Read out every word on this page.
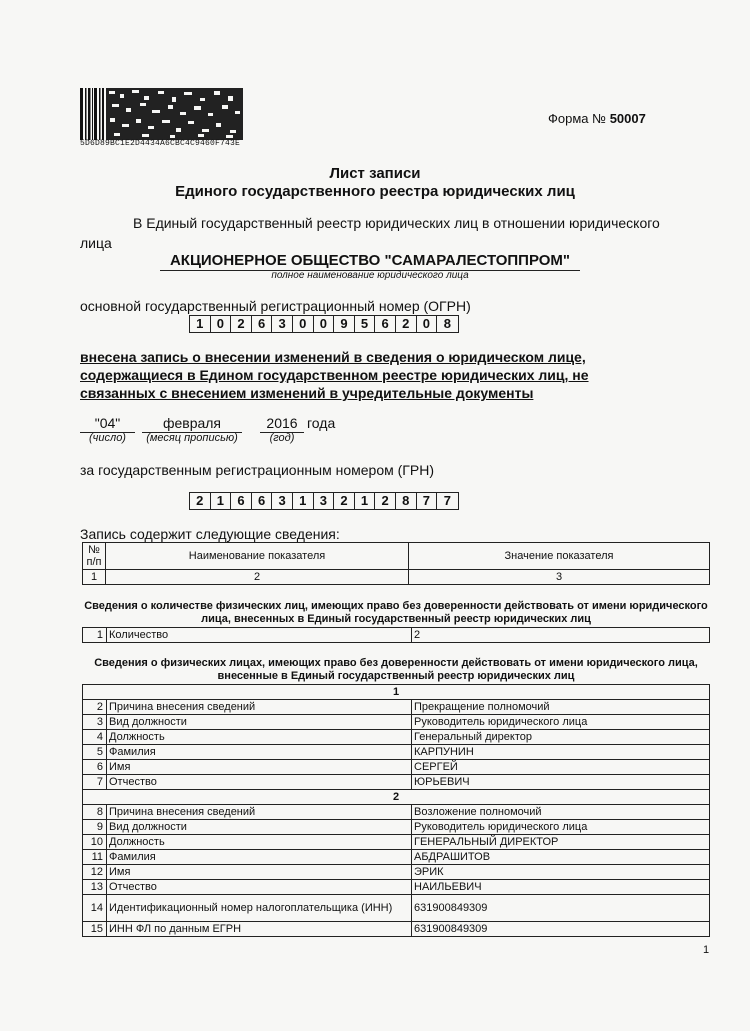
5D6D89BC1E2D4434A6CBC4C9460F743E
Форма № 50007
Лист записи
Единого государственного реестра юридических лиц
В Единый государственный реестр юридических лиц в отношении юридического
лица
АКЦИОНЕРНОЕ ОБЩЕСТВО "САМАРАЛЕСТОППРОМ"
полное наименование юридического лица
основной государственный регистрационный номер (ОГРН)
1	0	2	6	3	0	0	9	5	6	2	0	8
внесена запись о внесении изменений в сведения о юридическом лице, содержащиеся в Едином государственном реестре юридических лиц, не связанных с внесением изменений в учредительные документы
"04"	февраля	2016 года
(число)	(месяц прописью)	(год)
за государственным регистрационным номером (ГРН)
2	1	6	6	3	1	3	2	1	2	8	7	7
Запись содержит следующие сведения:
№ п/п	Наименование показателя	Значение показателя
1	2	3
Сведения о количестве физических лиц, имеющих право без доверенности действовать от имени юридического лица, внесенных в Единый государственный реестр юридических лиц
1	Количество	2
Сведения о физических лицах, имеющих право без доверенности действовать от имени юридического лица, внесенные в Единый государственный реестр юридических лиц
1		
2	Причина внесения сведений	Прекращение полномочий
3	Вид должности	Руководитель юридического лица
4	Должность	Генеральный директор
5	Фамилия	КАРПУНИН
6	Имя	СЕРГЕЙ
7	Отчество	ЮРЬЕВИЧ
2		
8	Причина внесения сведений	Возложение полномочий
9	Вид должности	Руководитель юридического лица
10	Должность	ГЕНЕРАЛЬНЫЙ ДИРЕКТОР
11	Фамилия	АБДРАШИТОВ
12	Имя	ЭРИК
13	Отчество	НАИЛЬЕВИЧ
14	Идентификационный номер налогоплательщика (ИНН)	631900849309
15	ИНН ФЛ по данным ЕГРН	631900849309
1
